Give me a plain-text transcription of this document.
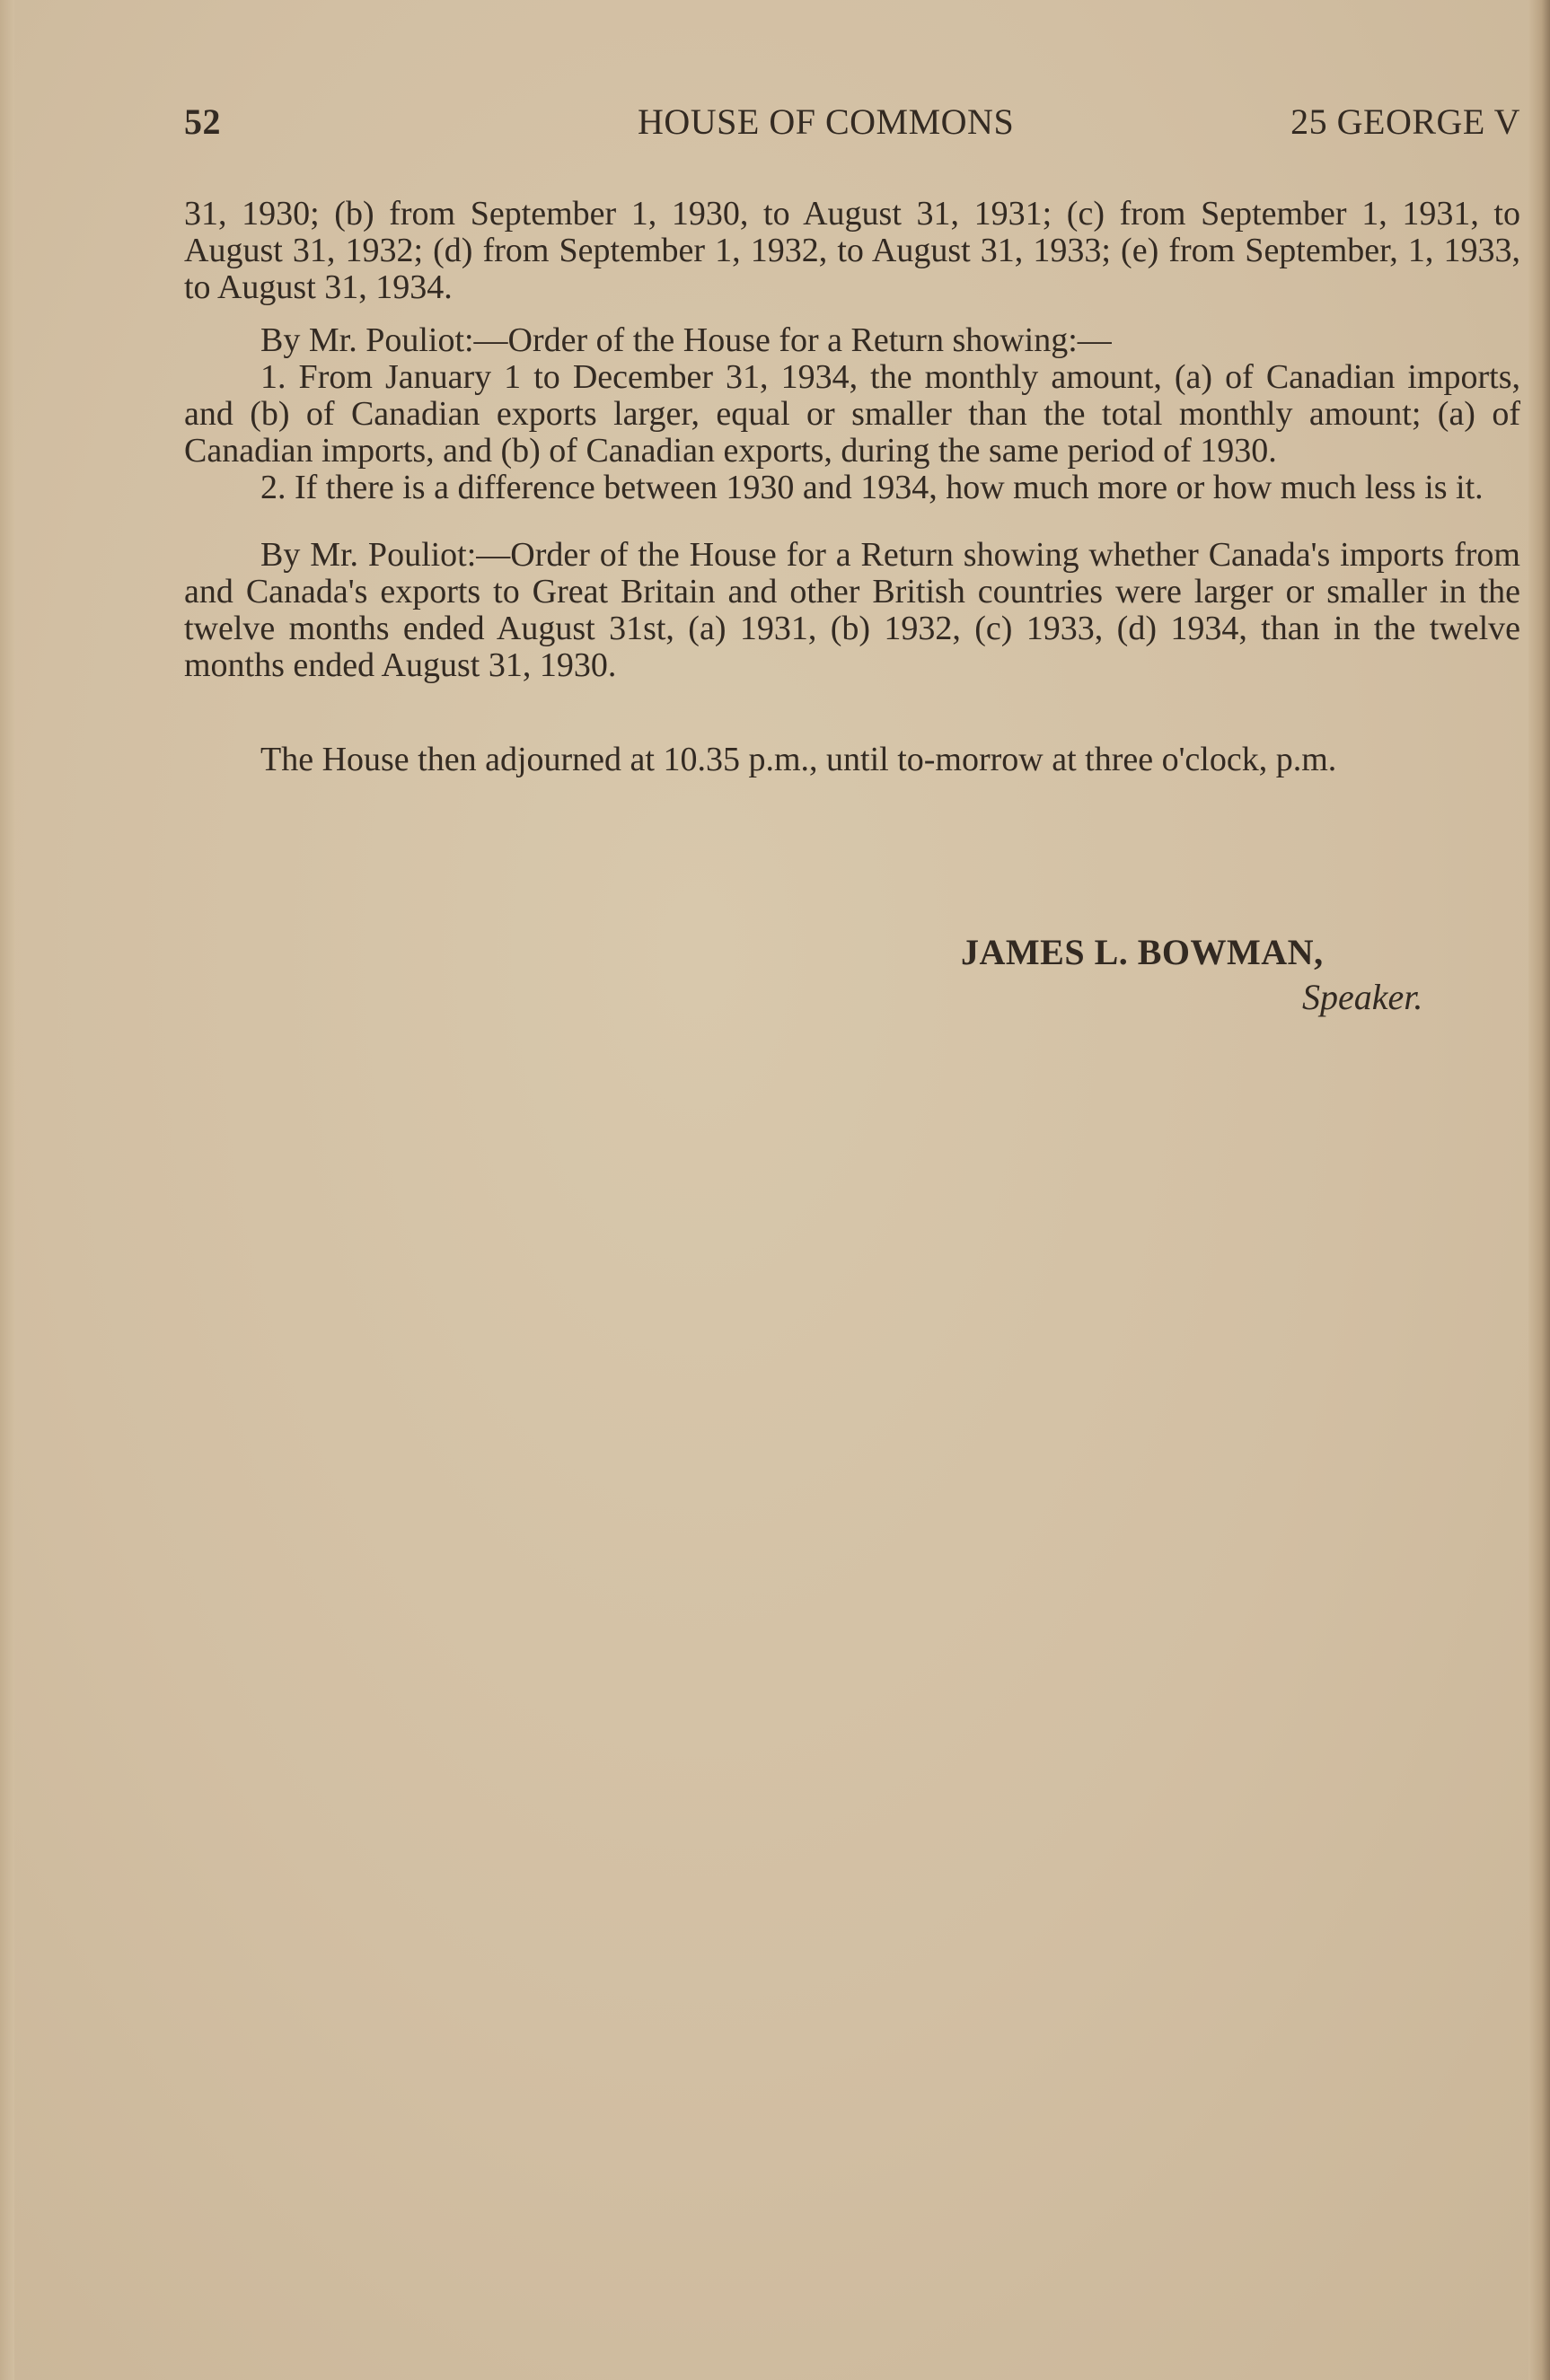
52	HOUSE OF COMMONS	25 GEORGE V

31, 1930; (b) from September 1, 1930, to August 31, 1931; (c) from September 1, 1931, to August 31, 1932; (d) from September 1, 1932, to August 31, 1933; (e) from September, 1, 1933, to August 31, 1934.

By Mr. Pouliot:—Order of the House for a Return showing:—

1. From January 1 to December 31, 1934, the monthly amount, (a) of Canadian imports, and (b) of Canadian exports larger, equal or smaller than the total monthly amount; (a) of Canadian imports, and (b) of Canadian exports, during the same period of 1930.

2. If there is a difference between 1930 and 1934, how much more or how much less is it.

By Mr. Pouliot:—Order of the House for a Return showing whether Canada's imports from and Canada's exports to Great Britain and other British countries were larger or smaller in the twelve months ended August 31st, (a) 1931, (b) 1932, (c) 1933, (d) 1934, than in the twelve months ended August 31, 1930.

The House then adjourned at 10.35 p.m., until to-morrow at three o'clock, p.m.

JAMES L. BOWMAN,
Speaker.
